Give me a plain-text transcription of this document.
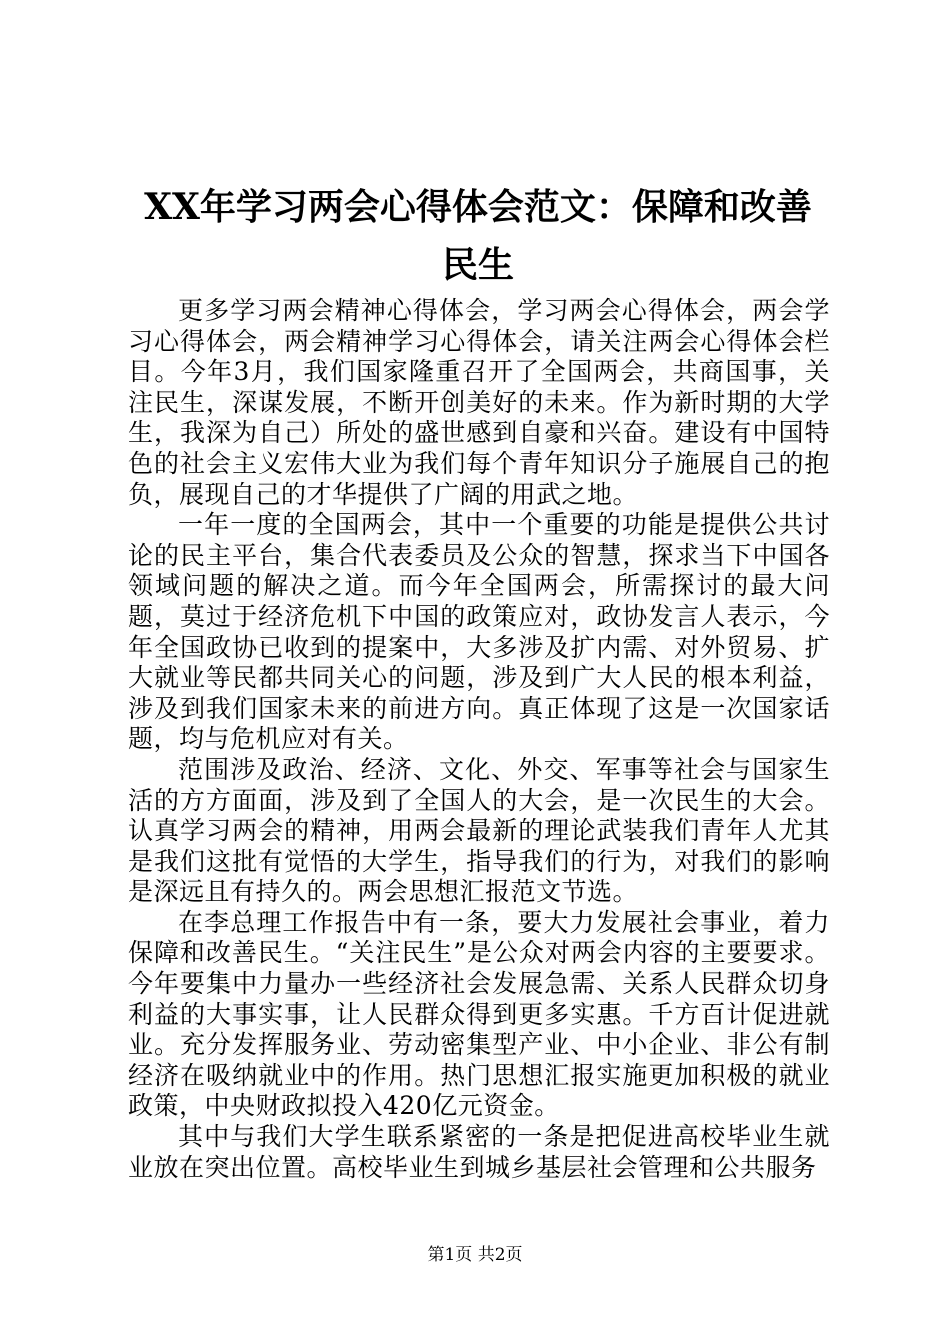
XX年学习两会心得体会范文：保障和改善民生

更多学习两会精神心得体会，学习两会心得体会，两会学习心得体会，两会精神学习心得体会，请关注两会心得体会栏目。今年3月，我们国家隆重召开了全国两会，共商国事，关注民生，深谋发展，不断开创美好的未来。作为新时期的大学生，我深为自己）所处的盛世感到自豪和兴奋。建设有中国特色的社会主义宏伟大业为我们每个青年知识分子施展自己的抱负，展现自己的才华提供了广阔的用武之地。

一年一度的全国两会，其中一个重要的功能是提供公共讨论的民主平台，集合代表委员及公众的智慧，探求当下中国各领域问题的解决之道。而今年全国两会，所需探讨的最大问题，莫过于经济危机下中国的政策应对，政协发言人表示，今年全国政协已收到的提案中，大多涉及扩内需、对外贸易、扩大就业等民都共同关心的问题，涉及到广大人民的根本利益，涉及到我们国家未来的前进方向。真正体现了这是一次国家话题，均与危机应对有关。

范围涉及政治、经济、文化、外交、军事等社会与国家生活的方方面面，涉及到了全国人的大会，是一次民生的大会。认真学习两会的精神，用两会最新的理论武装我们青年人尤其是我们这批有觉悟的大学生，指导我们的行为，对我们的影响是深远且有持久的。两会思想汇报范文节选。

在李总理工作报告中有一条，要大力发展社会事业，着力保障和改善民生。“关注民生”是公众对两会内容的主要要求。今年要集中力量办一些经济社会发展急需、关系人民群众切身利益的大事实事，让人民群众得到更多实惠。千方百计促进就业。充分发挥服务业、劳动密集型产业、中小企业、非公有制经济在吸纳就业中的作用。热门思想汇报实施更加积极的就业政策，中央财政拟投入420亿元资金。

其中与我们大学生联系紧密的一条是把促进高校毕业生就业放在突出位置。高校毕业生到城乡基层社会管理和公共服务

第1页 共2页
